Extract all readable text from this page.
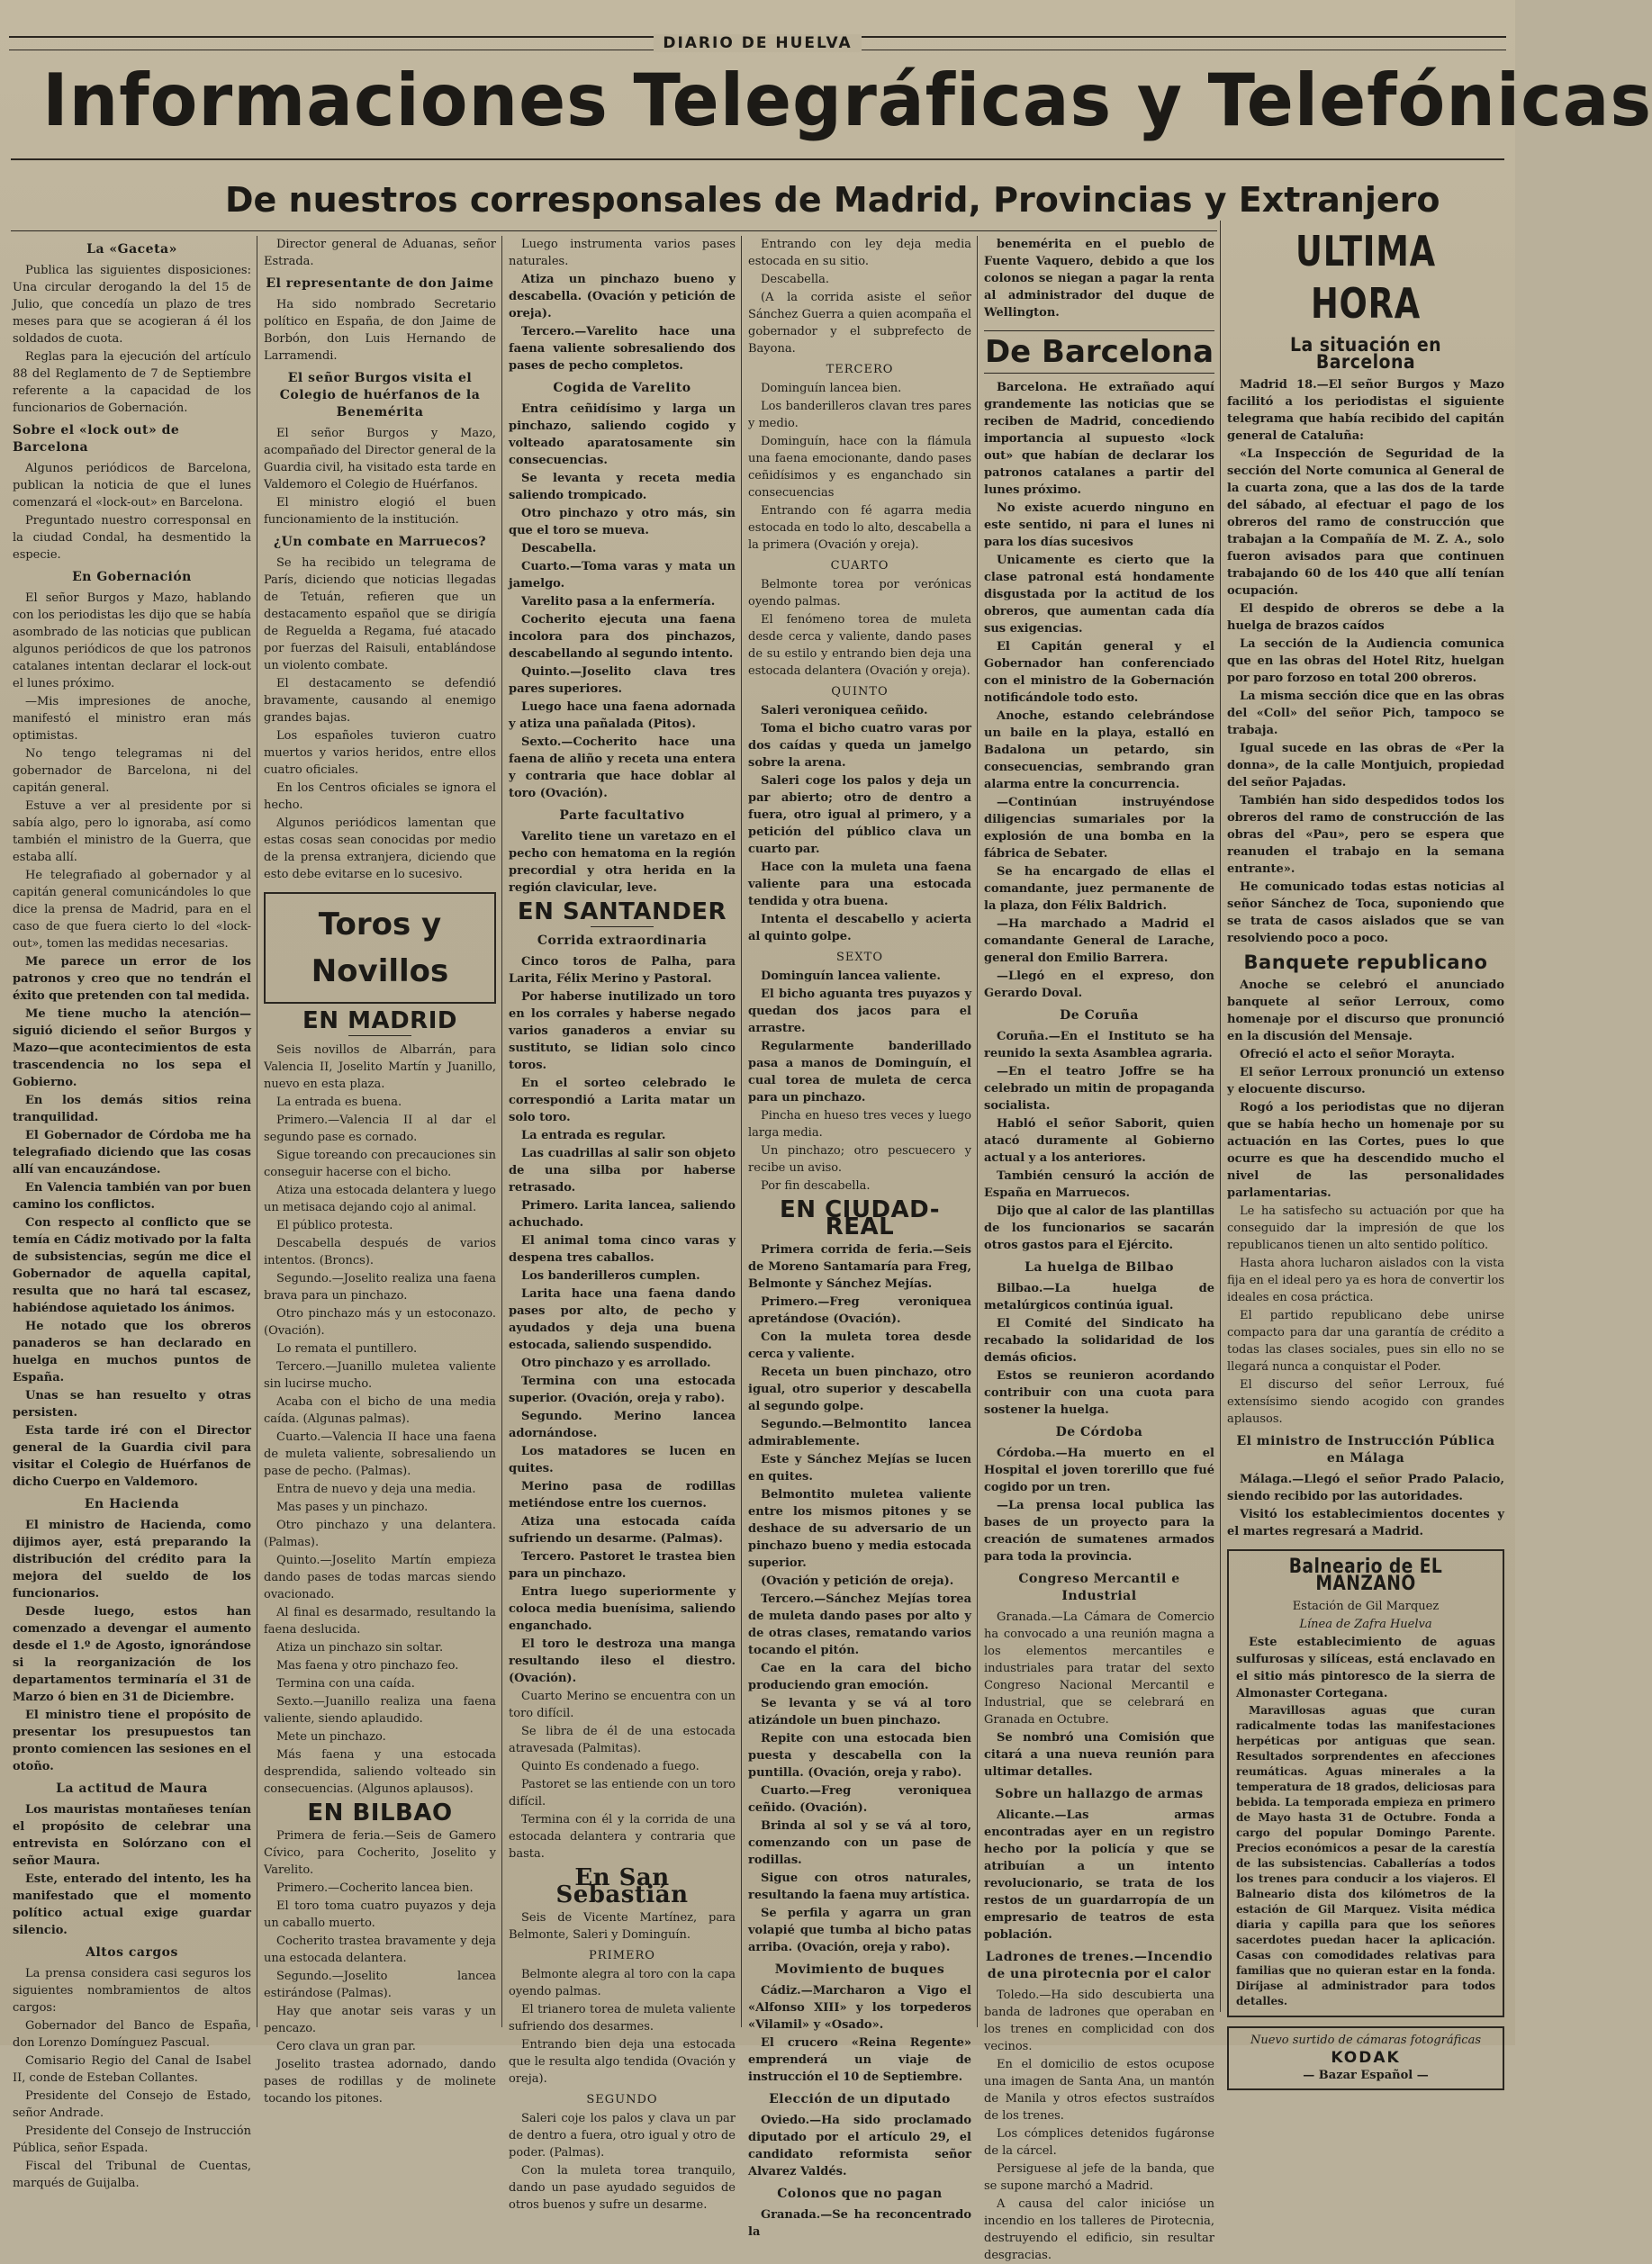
DIARIO DE HUELVA
Informaciones Telegráficas y Telefónicas
De nuestros corresponsales de Madrid, Provincias y Extranjero
La «Gaceta»

Publica las siguientes disposiciones: Una circular derogando la del 15 de Julio, que concedía un plazo de tres meses para que se acogieran á él los soldados de cuota.

Reglas para la ejecución del artículo 88 del Reglamento de 7 de Septiembre referente a la capacidad de los funcionarios de Gobernación.

Sobre el «lock out» de Barcelona

Algunos periódicos de Barcelona, publican la noticia de que el lunes comenzará el «lock-out» en Barcelona.

Preguntado nuestro corresponsal en la ciudad Condal, ha desmentido la especie.

En Gobernación

El señor Burgos y Mazo, hablando con los periodistas les dijo que se había asombrado de las noticias que publican algunos periódicos de que los patronos catalanes intentan declarar el lock-out el lunes próximo.

—Mis impresiones de anoche, manifestó el ministro eran más optimistas.

No tengo telegramas ni del gobernador de Barcelona, ni del capitán general.

Estuve a ver al presidente por si sabía algo, pero lo ignoraba, así como también el ministro de la Guerra, que estaba allí.

He telegrafiado al gobernador y al capitán general comunicándoles lo que dice la prensa de Madrid, para en el caso de que fuera cierto lo del «lock-out», tomen las medidas necesarias.

Me parece un error de los patronos y creo que no tendrán el éxito que pretenden con tal medida.

Me tiene mucho la atención—siguió diciendo el señor Burgos y Mazo—que acontecimientos de esta trascendencia no los sepa el Gobierno.

En los demás sitios reina tranquilidad.

El Gobernador de Córdoba me ha telegrafiado diciendo que las cosas allí van encauzándose.

En Valencia también van por buen camino los conflictos.

Con respecto al conflicto que se temía en Cádiz motivado por la falta de subsistencias, según me dice el Gobernador de aquella capital, resulta que no hará tal escasez, habiéndose aquietado los ánimos.

He notado que los obreros panaderos se han declarado en huelga en muchos puntos de España.

Unas se han resuelto y otras persisten.

Esta tarde iré con el Director general de la Guardia civil para visitar el Colegio de Huérfanos de dicho Cuerpo en Valdemoro.

En Hacienda

El ministro de Hacienda, como dijimos ayer, está preparando la distribución del crédito para la mejora del sueldo de los funcionarios.

Desde luego, estos han comenzado a devengar el aumento desde el 1.º de Agosto, ignorándose si la reorganización de los departamentos terminaría el 31 de Marzo ó bien en 31 de Diciembre.

El ministro tiene el propósito de presentar los presupuestos tan pronto comiencen las sesiones en el otoño.

La actitud de Maura

Los mauristas montañeses tenían el propósito de celebrar una entrevista en Solórzano con el señor Maura.

Este, enterado del intento, les ha manifestado que el momento político actual exige guardar silencio.

Altos cargos

La prensa considera casi seguros los siguientes nombramientos de altos cargos:

Gobernador del Banco de España, don Lorenzo Domínguez Pascual.

Comisario Regio del Canal de Isabel II, conde de Esteban Collantes.

Presidente del Consejo de Estado, señor Andrade.

Presidente del Consejo de Instrucción Pública, señor Espada.

Fiscal del Tribunal de Cuentas, marqués de Guijalba.

Director general de Aduanas, señor Estrada.

El representante de don Jaime

Ha sido nombrado Secretario político en España, de don Jaime de Borbón, don Luis Hernando de Larramendi.

El señor Burgos visita el Colegio de huérfanos de la Benemérita

El señor Burgos y Mazo, acompañado del Director general de la Guardia civil, ha visitado esta tarde en Valdemoro el Colegio de Huérfanos.

El ministro elogió el buen funcionamiento de la institución.

¿Un combate en Marruecos?

Se ha recibido un telegrama de París, diciendo que noticias llegadas de Tetuán, refieren que un destacamento español que se dirigía de Reguelda a Regama, fué atacado por fuerzas del Raisuli, entablándose un violento combate.

El destacamento se defendió bravamente, causando al enemigo grandes bajas.

Los españoles tuvieron cuatro muertos y varios heridos, entre ellos cuatro oficiales.

En los Centros oficiales se ignora el hecho.

Algunos periódicos lamentan que estas cosas sean conocidas por medio de la prensa extranjera, diciendo que esto debe evitarse en lo sucesivo.

Toros y Novillos
EN MADRID

Seis novillos de Albarrán, para Valencia II, Joselito Martín y Juanillo, nuevo en esta plaza.

La entrada es buena.

Primero.—Valencia II al dar el segundo pase es cornado.

Sigue toreando con precauciones sin conseguir hacerse con el bicho.

Atiza una estocada delantera y luego un metisaca dejando cojo al animal.

El público protesta.

Descabella después de varios intentos. (Broncs).

Segundo.—Joselito realiza una faena brava para un pinchazo.

Otro pinchazo más y un estoconazo. (Ovación).

Lo remata el puntillero.

Tercero.—Juanillo muletea valiente sin lucirse mucho.

Acaba con el bicho de una media caída. (Algunas palmas).

Cuarto.—Valencia II hace una faena de muleta valiente, sobresaliendo un pase de pecho. (Palmas).

Entra de nuevo y deja una media.

Mas pases y un pinchazo.

Otro pinchazo y una delantera. (Palmas).

Quinto.—Joselito Martín empieza dando pases de todas marcas siendo ovacionado.

Al final es desarmado, resultando la faena deslucida.

Atiza un pinchazo sin soltar.

Mas faena y otro pinchazo feo.

Termina con una caída.

Sexto.—Juanillo realiza una faena valiente, siendo aplaudido.

Mete un pinchazo.

Más faena y una estocada desprendida, saliendo volteado sin consecuencias. (Algunos aplausos).

EN BILBAO

Primera de feria.—Seis de Gamero Cívico, para Cocherito, Joselito y Varelito.

Primero.—Cocherito lancea bien.

El toro toma cuatro puyazos y deja un caballo muerto.

Cocherito trastea bravamente y deja una estocada delantera.

Segundo.—Joselito lancea estirándose (Palmas).

Hay que anotar seis varas y un pencazo.

Cero clava un gran par.

Joselito trastea adornado, dando pases de rodillas y de molinete tocando los pitones.

Luego instrumenta varios pases naturales.

Atiza un pinchazo bueno y descabella. (Ovación y petición de oreja).

Tercero.—Varelito hace una faena valiente sobresaliendo dos pases de pecho completos.

Cogida de Varelito

Entra ceñidísimo y larga un pinchazo, saliendo cogido y volteado aparatosamente sin consecuencias.

Se levanta y receta media saliendo trompicado.

Otro pinchazo y otro más, sin que el toro se mueva.

Descabella.

Cuarto.—Toma varas y mata un jamelgo.

Varelito pasa a la enfermería.

Cocherito ejecuta una faena incolora para dos pinchazos, descabellando al segundo intento.

Quinto.—Joselito clava tres pares superiores.

Luego hace una faena adornada y atiza una pañalada (Pitos).

Sexto.—Cocherito hace una faena de aliño y receta una entera y contraria que hace doblar al toro (Ovación).

Parte facultativo

Varelito tiene un varetazo en el pecho con hematoma en la región precordial y otra herida en la región clavicular, leve.

EN SANTANDER
Corrida extraordinaria

Cinco toros de Palha, para Larita, Félix Merino y Pastoral.

Por haberse inutilizado un toro en los corrales y haberse negado varios ganaderos a enviar su sustituto, se lidian solo cinco toros.

En el sorteo celebrado le correspondió a Larita matar un solo toro.

La entrada es regular.

Las cuadrillas al salir son objeto de una silba por haberse retrasado.

Primero. Larita lancea, saliendo achuchado.

El animal toma cinco varas y despena tres caballos.

Los banderilleros cumplen.

Larita hace una faena dando pases por alto, de pecho y ayudados y deja una buena estocada, saliendo suspendido.

Otro pinchazo y es arrollado.

Termina con una estocada superior. (Ovación, oreja y rabo).

Segundo. Merino lancea adornándose.

Los matadores se lucen en quites.

Merino pasa de rodillas metiéndose entre los cuernos.

Atiza una estocada caída sufriendo un desarme. (Palmas).

Tercero. Pastoret le trastea bien para un pinchazo.

Entra luego superiormente y coloca media buenísima, saliendo enganchado.

El toro le destroza una manga resultando ileso el diestro. (Ovación).

Cuarto Merino se encuentra con un toro difícil.

Se libra de él de una estocada atravesada (Palmitas).

Quinto Es condenado a fuego.

Pastoret se las entiende con un toro difícil.

Termina con él y la corrida de una estocada delantera y contraria que basta.

En San Sebastián

Seis de Vicente Martínez, para Belmonte, Saleri y Dominguín.

PRIMERO

Belmonte alegra al toro con la capa oyendo palmas.

El trianero torea de muleta valiente sufriendo dos desarmes.

Entrando bien deja una estocada que le resulta algo tendida (Ovación y oreja).

SEGUNDO

Saleri coje los palos y clava un par de dentro a fuera, otro igual y otro de poder. (Palmas).

Con la muleta torea tranquilo, dando un pase ayudado seguidos de otros buenos y sufre un desarme.

Entrando con ley deja media estocada en su sitio.

Descabella.

(A la corrida asiste el señor Sánchez Guerra a quien acompaña el gobernador y el subprefecto de Bayona.

TERCERO

Dominguín lancea bien.

Los banderilleros clavan tres pares y medio.

Dominguín, hace con la flámula una faena emocionante, dando pases ceñidísimos y es enganchado sin consecuencias

Entrando con fé agarra media estocada en todo lo alto, descabella a la primera (Ovación y oreja).

CUARTO

Belmonte torea por verónicas oyendo palmas.

El fenómeno torea de muleta desde cerca y valiente, dando pases de su estilo y entrando bien deja una estocada delantera (Ovación y oreja).

QUINTO

Saleri veroniquea ceñido.

Toma el bicho cuatro varas por dos caídas y queda un jamelgo sobre la arena.

Saleri coge los palos y deja un par abierto; otro de dentro a fuera, otro igual al primero, y a petición del público clava un cuarto par.

Hace con la muleta una faena valiente para una estocada tendida y otra buena.

Intenta el descabello y acierta al quinto golpe.

SEXTO

Dominguín lancea valiente.

El bicho aguanta tres puyazos y quedan dos jacos para el arrastre.

Regularmente banderillado pasa a manos de Dominguín, el cual torea de muleta de cerca para un pinchazo.

Pincha en hueso tres veces y luego larga media.

Un pinchazo; otro pescuecero y recibe un aviso.

Por fin descabella.

EN CIUDAD-REAL

Primera corrida de feria.—Seis de Moreno Santamaría para Freg, Belmonte y Sánchez Mejías.

Primero.—Freg veroniquea apretándose (Ovación).

Con la muleta torea desde cerca y valiente.

Receta un buen pinchazo, otro igual, otro superior y descabella al segundo golpe.

Segundo.—Belmontito lancea admirablemente.

Este y Sánchez Mejías se lucen en quites.

Belmontito muletea valiente entre los mismos pitones y se deshace de su adversario de un pinchazo bueno y media estocada superior.

(Ovación y petición de oreja).

Tercero.—Sánchez Mejías torea de muleta dando pases por alto y de otras clases, rematando varios tocando el pitón.

Cae en la cara del bicho produciendo gran emoción.

Se levanta y se vá al toro atizándole un buen pinchazo.

Repite con una estocada bien puesta y descabella con la puntilla. (Ovación, oreja y rabo).

Cuarto.—Freg veroniquea ceñido. (Ovación).

Brinda al sol y se vá al toro, comenzando con un pase de rodillas.

Sigue con otros naturales, resultando la faena muy artística.

Se perfila y agarra un gran volapié que tumba al bicho patas arriba. (Ovación, oreja y rabo).

Movimiento de buques

Cádiz.—Marcharon a Vigo el «Alfonso XIII» y los torpederos «Vilamil» y «Osado».

El crucero «Reina Regente» emprenderá un viaje de instrucción el 10 de Septiembre.

Elección de un diputado

Oviedo.—Ha sido proclamado diputado por el artículo 29, el candidato reformista señor Alvarez Valdés.

Colonos que no pagan

Granada.—Se ha reconcentrado la

benemérita en el pueblo de Fuente Vaquero, debido a que los colonos se niegan a pagar la renta al administrador del duque de Wellington.

De Barcelona

Barcelona. He extrañado aquí grandemente las noticias que se reciben de Madrid, concediendo importancia al supuesto «lock out» que habían de declarar los patronos catalanes a partir del lunes próximo.

No existe acuerdo ninguno en este sentido, ni para el lunes ni para los días sucesivos

Unicamente es cierto que la clase patronal está hondamente disgustada por la actitud de los obreros, que aumentan cada día sus exigencias.

El Capitán general y el Gobernador han conferenciado con el ministro de la Gobernación notificándole todo esto.

Anoche, estando celebrándose un baile en la playa, estalló en Badalona un petardo, sin consecuencias, sembrando gran alarma entre la concurrencia.

—Continúan instruyéndose diligencias sumariales por la explosión de una bomba en la fábrica de Sebater.

Se ha encargado de ellas el comandante, juez permanente de la plaza, don Félix Baldrich.

—Ha marchado a Madrid el comandante General de Larache, general don Emilio Barrera.

—Llegó en el expreso, don Gerardo Doval.

De Coruña

Coruña.—En el Instituto se ha reunido la sexta Asamblea agraria.

—En el teatro Joffre se ha celebrado un mitin de propaganda socialista.

Habló el señor Saborit, quien atacó duramente al Gobierno actual y a los anteriores.

También censuró la acción de España en Marruecos.

Dijo que al calor de las plantillas de los funcionarios se sacarán otros gastos para el Ejército.

La huelga de Bilbao

Bilbao.—La huelga de metalúrgicos continúa igual.

El Comité del Sindicato ha recabado la solidaridad de los demás oficios.

Estos se reunieron acordando contribuir con una cuota para sostener la huelga.

De Córdoba

Córdoba.—Ha muerto en el Hospital el joven torerillo que fué cogido por un tren.

—La prensa local publica las bases de un proyecto para la creación de sumatenes armados para toda la provincia.

Congreso Mercantil e Industrial

Granada.—La Cámara de Comercio ha convocado a una reunión magna a los elementos mercantiles e industriales para tratar del sexto Congreso Nacional Mercantil e Industrial, que se celebrará en Granada en Octubre.

Se nombró una Comisión que citará a una nueva reunión para ultimar detalles.

Sobre un hallazgo de armas

Alicante.—Las armas encontradas ayer en un registro hecho por la policía y que se atribuían a un intento revolucionario, se trata de los restos de un guardarropía de un empresario de teatros de esta población.

Ladrones de trenes.—Incendio de una pirotecnia por el calor

Toledo.—Ha sido descubierta una banda de ladrones que operaban en los trenes en complicidad con dos vecinos.

En el domicilio de estos ocupose una imagen de Santa Ana, un mantón de Manila y otros efectos sustraídos de los trenes.

Los cómplices detenidos fugáronse de la cárcel.

Persiguese al jefe de la banda, que se supone marchó a Madrid.

A causa del calor inicióse un incendio en los talleres de Pirotecnia, destruyendo el edificio, sin resultar desgracias.

ULTIMA HORA
La situación en Barcelona

Madrid 18.—El señor Burgos y Mazo facilitó a los periodistas el siguiente telegrama que había recibido del capitán general de Cataluña:

«La Inspección de Seguridad de la sección del Norte comunica al General de la cuarta zona, que a las dos de la tarde del sábado, al efectuar el pago de los obreros del ramo de construcción que trabajan a la Compañía de M. Z. A., solo fueron avisados para que continuen trabajando 60 de los 440 que allí tenían ocupación.

El despido de obreros se debe a la huelga de brazos caídos

La sección de la Audiencia comunica que en las obras del Hotel Ritz, huelgan por paro forzoso en total 200 obreros.

La misma sección dice que en las obras del «Coll» del señor Pich, tampoco se trabaja.

Igual sucede en las obras de «Per la donna», de la calle Montjuich, propiedad del señor Pajadas.

También han sido despedidos todos los obreros del ramo de construcción de las obras del «Pau», pero se espera que reanuden el trabajo en la semana entrante».

He comunicado todas estas noticias al señor Sánchez de Toca, suponiendo que se trata de casos aislados que se van resolviendo poco a poco.

Banquete republicano

Anoche se celebró el anunciado banquete al señor Lerroux, como homenaje por el discurso que pronunció en la discusión del Mensaje.

Ofreció el acto el señor Morayta.

El señor Lerroux pronunció un extenso y elocuente discurso.

Rogó a los periodistas que no dijeran que se había hecho un homenaje por su actuación en las Cortes, pues lo que ocurre es que ha descendido mucho el nivel de las personalidades parlamentarias.

Le ha satisfecho su actuación por que ha conseguido dar la impresión de que los republicanos tienen un alto sentido político.

Hasta ahora lucharon aislados con la vista fija en el ideal pero ya es hora de convertir los ideales en cosa práctica.

El partido republicano debe unirse compacto para dar una garantía de crédito a todas las clases sociales, pues sin ello no se llegará nunca a conquistar el Poder.

El discurso del señor Lerroux, fué extensísimo siendo acogido con grandes aplausos.

El ministro de Instrucción Pública en Málaga

Málaga.—Llegó el señor Prado Palacio, siendo recibido por las autoridades.

Visitó los establecimientos docentes y el martes regresará a Madrid.

Balneario de EL MANZANO

Estación de Gil Marquez

Línea de Zafra Huelva

Este establecimiento de aguas sulfurosas y silíceas, está enclavado en el sitio más pintoresco de la sierra de Almonaster Cortegana.

Maravillosas aguas que curan radicalmente todas las manifestaciones herpéticas por antiguas que sean. Resultados sorprendentes en afecciones reumáticas. Aguas minerales a la temperatura de 18 grados, deliciosas para bebida. La temporada empieza en primero de Mayo hasta 31 de Octubre. Fonda a cargo del popular Domingo Parente. Precios económicos a pesar de la carestía de las subsistencias. Caballerías a todos los trenes para conducir a los viajeros. El Balneario dista dos kilómetros de la estación de Gil Marquez. Visita médica diaria y capilla para que los señores sacerdotes puedan hacer la aplicación. Casas con comodidades relativas para familias que no quieran estar en la fonda. Diríjase al administrador para todos detalles.

Nuevo surtido de cámaras fotográficas

KODAK

— Bazar Español —
